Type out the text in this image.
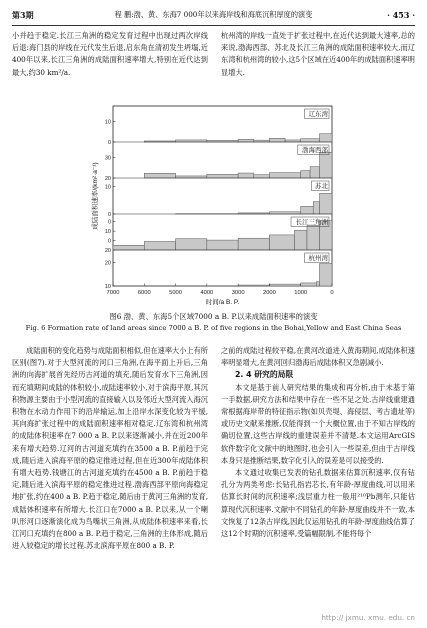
第3期	程 鹏:渤、黄、东海7 000年以来海岸线和海底沉积厚度的演变	· 453 ·

小并趋于稳定.长江三角洲的稳定发育过程中出现过两次岸线后退:海门县的岸线在元代发生后退,启东角在清初发生坍塌,近400年以来,长江三角洲的成陆面积速率增大,特别在近代达到最大,约30 km²/a.

杭州湾的岸线一直处于扩张过程中,在近代达到最大速率,总的来说,渤海西部、苏北及长江三角洲的成陆面积速率较大,而辽东湾和杭州湾的较小,这5个区域在近400年的成陆面积速率明显增大.

0
10
辽东湾
20
30
渤海西部
0
10	苏北
20
0
10
0	长江三角洲
10
20
杭州湾
7000	6000	5000	4000	3000	2000	1000	0
时间/a B. P.
成陆面积速率/(km²·a⁻¹)
图6 渤、黄、东海5个区域7000 a B. P.以来成陆面积速率的演变
Fig. 6 Formation rate of land areas since 7000 a B. P. of five regions in the Bohai,Yellow and East China Seas

成陆面积的变化趋势与成陆面积相似,但在速率大小上有所区别(图7).对于大型河流的河口三角洲,在海平面上升后,三角洲的向海扩展首先经历古河道的填充,随后发育水下三角洲,因而充填期间成陆的体积较小,成陆速率较小,对于滨海平原,其沉积物源主要由于小型河流的直接输入以及邻近大型河流入海沉积物在水动力作用下的沿岸输运,加上沿岸水深变化较为平缓,其向海扩张过程中的成陆面积速率相对稳定.辽东湾和杭州湾的成陆体积速率在7 000 a B. P.以来逐渐减小,并在近200年来有增大趋势.辽河的古河道充填约在3500 a B. P.前趋于完成,随后进入滨海平原的稳定推进过程,但在近300年成陆体积有增大趋势.钱塘江的古河道充填约在4500 a B. P.前趋于稳定,随后进入滨海平原的稳定推进过程.渤海西部平原向海稳定地扩张,约在400 a B. P.趋于稳定,随后由于黄河三角洲的发育,成陆体积速率有所增大.长江口在7000 a B. P.以来,从一个喇叭形河口逐渐演化成为鸟嘴状三角洲,从成陆体积速率来看,长江河口充填约在800 a B. P.趋于稳定,三角洲的主体形成,随后进入较稳定的增长过程.苏北滨海平原在800 a B. P.

之前的成陆过程较平稳,在黄河改道进入黄海期间,成陆体积速率明显增大,在黄河回归渤海后成陆体积又急剧减小.

2. 4 研究的局限

本文是基于前人研究结果的集成和再分析,由于未基于第一手数据,研究方法和结果中存在一些不足之处.古岸线重建通常根据海岸带的特征指示物(如贝壳堤、海侵层、考古遗址等)或历史文献来推断,仅能得到一个大概位置,由于不知古岸线的确切位置,这些古岸线的重建误差并不清楚.本文运用ArcGIS软件数字化文献中的地图时,也会引入一些误差,但由于古岸线本身只是推断结果,数字化引入的误差是可以接受的.

本文通过收集已发表的钻孔数据来估算沉积速率,仅有钻孔分为两类考虑:长钻孔指岩芯长,有年龄-厚度曲线,可以用来估算长时间的沉积速率;浅层重力柱一般用²¹⁰Pb测年,只能估算现代沉积速率.文献中不同钻孔的年龄-厚度曲线并不一致,本文恢复了12条古岸线,因此仅运用钻孔的年龄-厚度曲线估算了这12个时期的沉积速率,受篇幅限制,不能将每个

http:// jxmu. xmu. edu. cn
